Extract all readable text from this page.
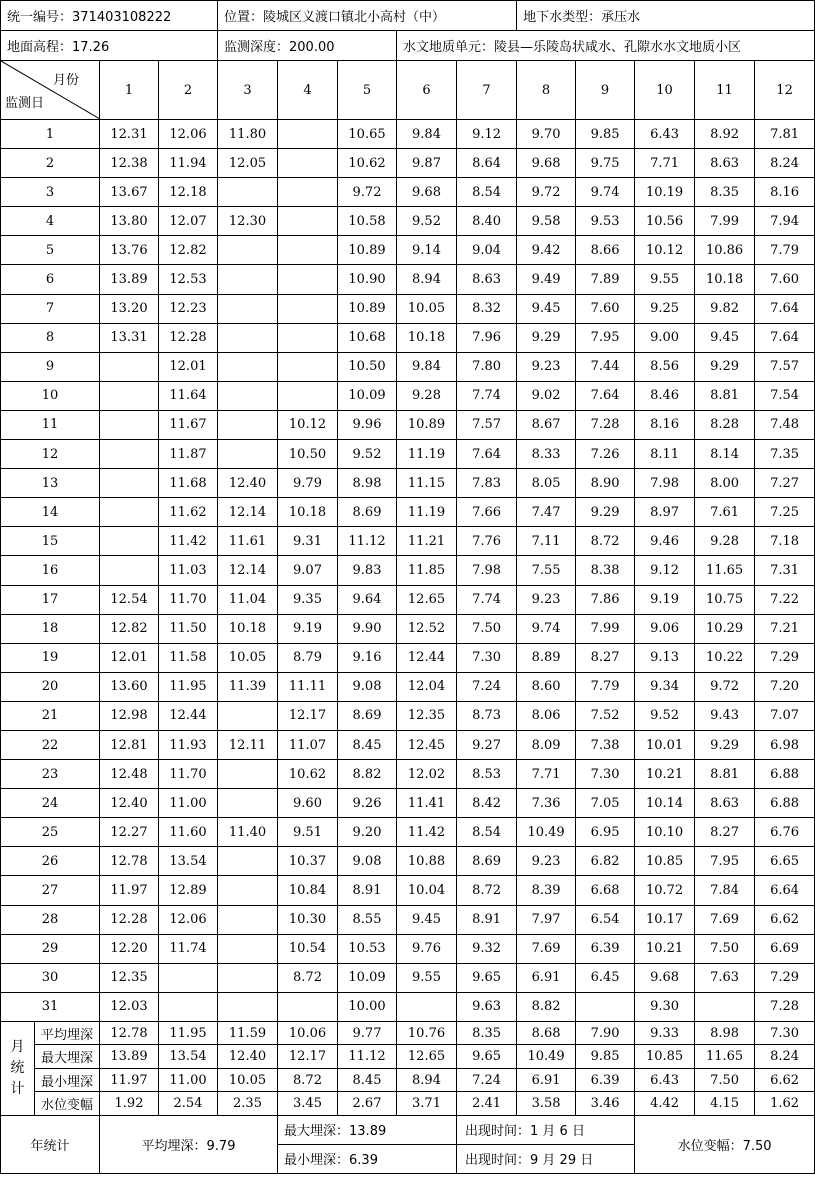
统一编号：371403108222				位置：陵城区义渡口镇北小高村（中）					地下水类型：承压水				
地面高程：17.26				监测深度：200.00			水文地质单元：陵县—乐陵岛状咸水、孔隙水水文地质小区						

月份
监测日		1	2	3	4	5	6	7	8	9	10	11	12
1		12.31	12.06	11.80		10.65	9.84	9.12	9.70	9.85	6.43	8.92	7.81
2		12.38	11.94	12.05		10.62	9.87	8.64	9.68	9.75	7.71	8.63	8.24
3		13.67	12.18			9.72	9.68	8.54	9.72	9.74	10.19	8.35	8.16
4		13.80	12.07	12.30		10.58	9.52	8.40	9.58	9.53	10.56	7.99	7.94
5		13.76	12.82			10.89	9.14	9.04	9.42	8.66	10.12	10.86	7.79
6		13.89	12.53			10.90	8.94	8.63	9.49	7.89	9.55	10.18	7.60
7		13.20	12.23			10.89	10.05	8.32	9.45	7.60	9.25	9.82	7.64
8		13.31	12.28			10.68	10.18	7.96	9.29	7.95	9.00	9.45	7.64
9			12.01			10.50	9.84	7.80	9.23	7.44	8.56	9.29	7.57
10			11.64			10.09	9.28	7.74	9.02	7.64	8.46	8.81	7.54
11			11.67		10.12	9.96	10.89	7.57	8.67	7.28	8.16	8.28	7.48
12			11.87		10.50	9.52	11.19	7.64	8.33	7.26	8.11	8.14	7.35
13			11.68	12.40	9.79	8.98	11.15	7.83	8.05	8.90	7.98	8.00	7.27
14			11.62	12.14	10.18	8.69	11.19	7.66	7.47	9.29	8.97	7.61	7.25
15			11.42	11.61	9.31	11.12	11.21	7.76	7.11	8.72	9.46	9.28	7.18
16			11.03	12.14	9.07	9.83	11.85	7.98	7.55	8.38	9.12	11.65	7.31
17		12.54	11.70	11.04	9.35	9.64	12.65	7.74	9.23	7.86	9.19	10.75	7.22
18		12.82	11.50	10.18	9.19	9.90	12.52	7.50	9.74	7.99	9.06	10.29	7.21
19		12.01	11.58	10.05	8.79	9.16	12.44	7.30	8.89	8.27	9.13	10.22	7.29
20		13.60	11.95	11.39	11.11	9.08	12.04	7.24	8.60	7.79	9.34	9.72	7.20
21		12.98	12.44		12.17	8.69	12.35	8.73	8.06	7.52	9.52	9.43	7.07
22		12.81	11.93	12.11	11.07	8.45	12.45	9.27	8.09	7.38	10.01	9.29	6.98
23		12.48	11.70		10.62	8.82	12.02	8.53	7.71	7.30	10.21	8.81	6.88
24		12.40	11.00		9.60	9.26	11.41	8.42	7.36	7.05	10.14	8.63	6.88
25		12.27	11.60	11.40	9.51	9.20	11.42	8.54	10.49	6.95	10.10	8.27	6.76
26		12.78	13.54		10.37	9.08	10.88	8.69	9.23	6.82	10.85	7.95	6.65
27		11.97	12.89		10.84	8.91	10.04	8.72	8.39	6.68	10.72	7.84	6.64
28		12.28	12.06		10.30	8.55	9.45	8.91	7.97	6.54	10.17	7.69	6.62
29		12.20	11.74		10.54	10.53	9.76	9.32	7.69	6.39	10.21	7.50	6.69
30		12.35			8.72	10.09	9.55	9.65	6.91	6.45	9.68	7.63	7.29
31		12.03				10.00		9.63	8.82		9.30		7.28

月
统
计	平均埋深	12.78	11.95	11.59	10.06	9.77	10.76	8.35	8.68	7.90	9.33	8.98	7.30
	最大埋深	13.89	13.54	12.40	12.17	11.12	12.65	9.65	10.49	9.85	10.85	11.65	8.24
	最小埋深	11.97	11.00	10.05	8.72	8.45	8.94	7.24	6.91	6.39	6.43	7.50	6.62
	水位变幅	1.92	2.54	2.35	3.45	2.67	3.71	2.41	3.58	3.46	4.42	4.15	1.62
年统计		平均埋深：9.79			最大埋深：13.89			出现时间：1 月 6 日			水位变幅：7.50		
					最小埋深：6.39			出现时间：9 月 29 日					
